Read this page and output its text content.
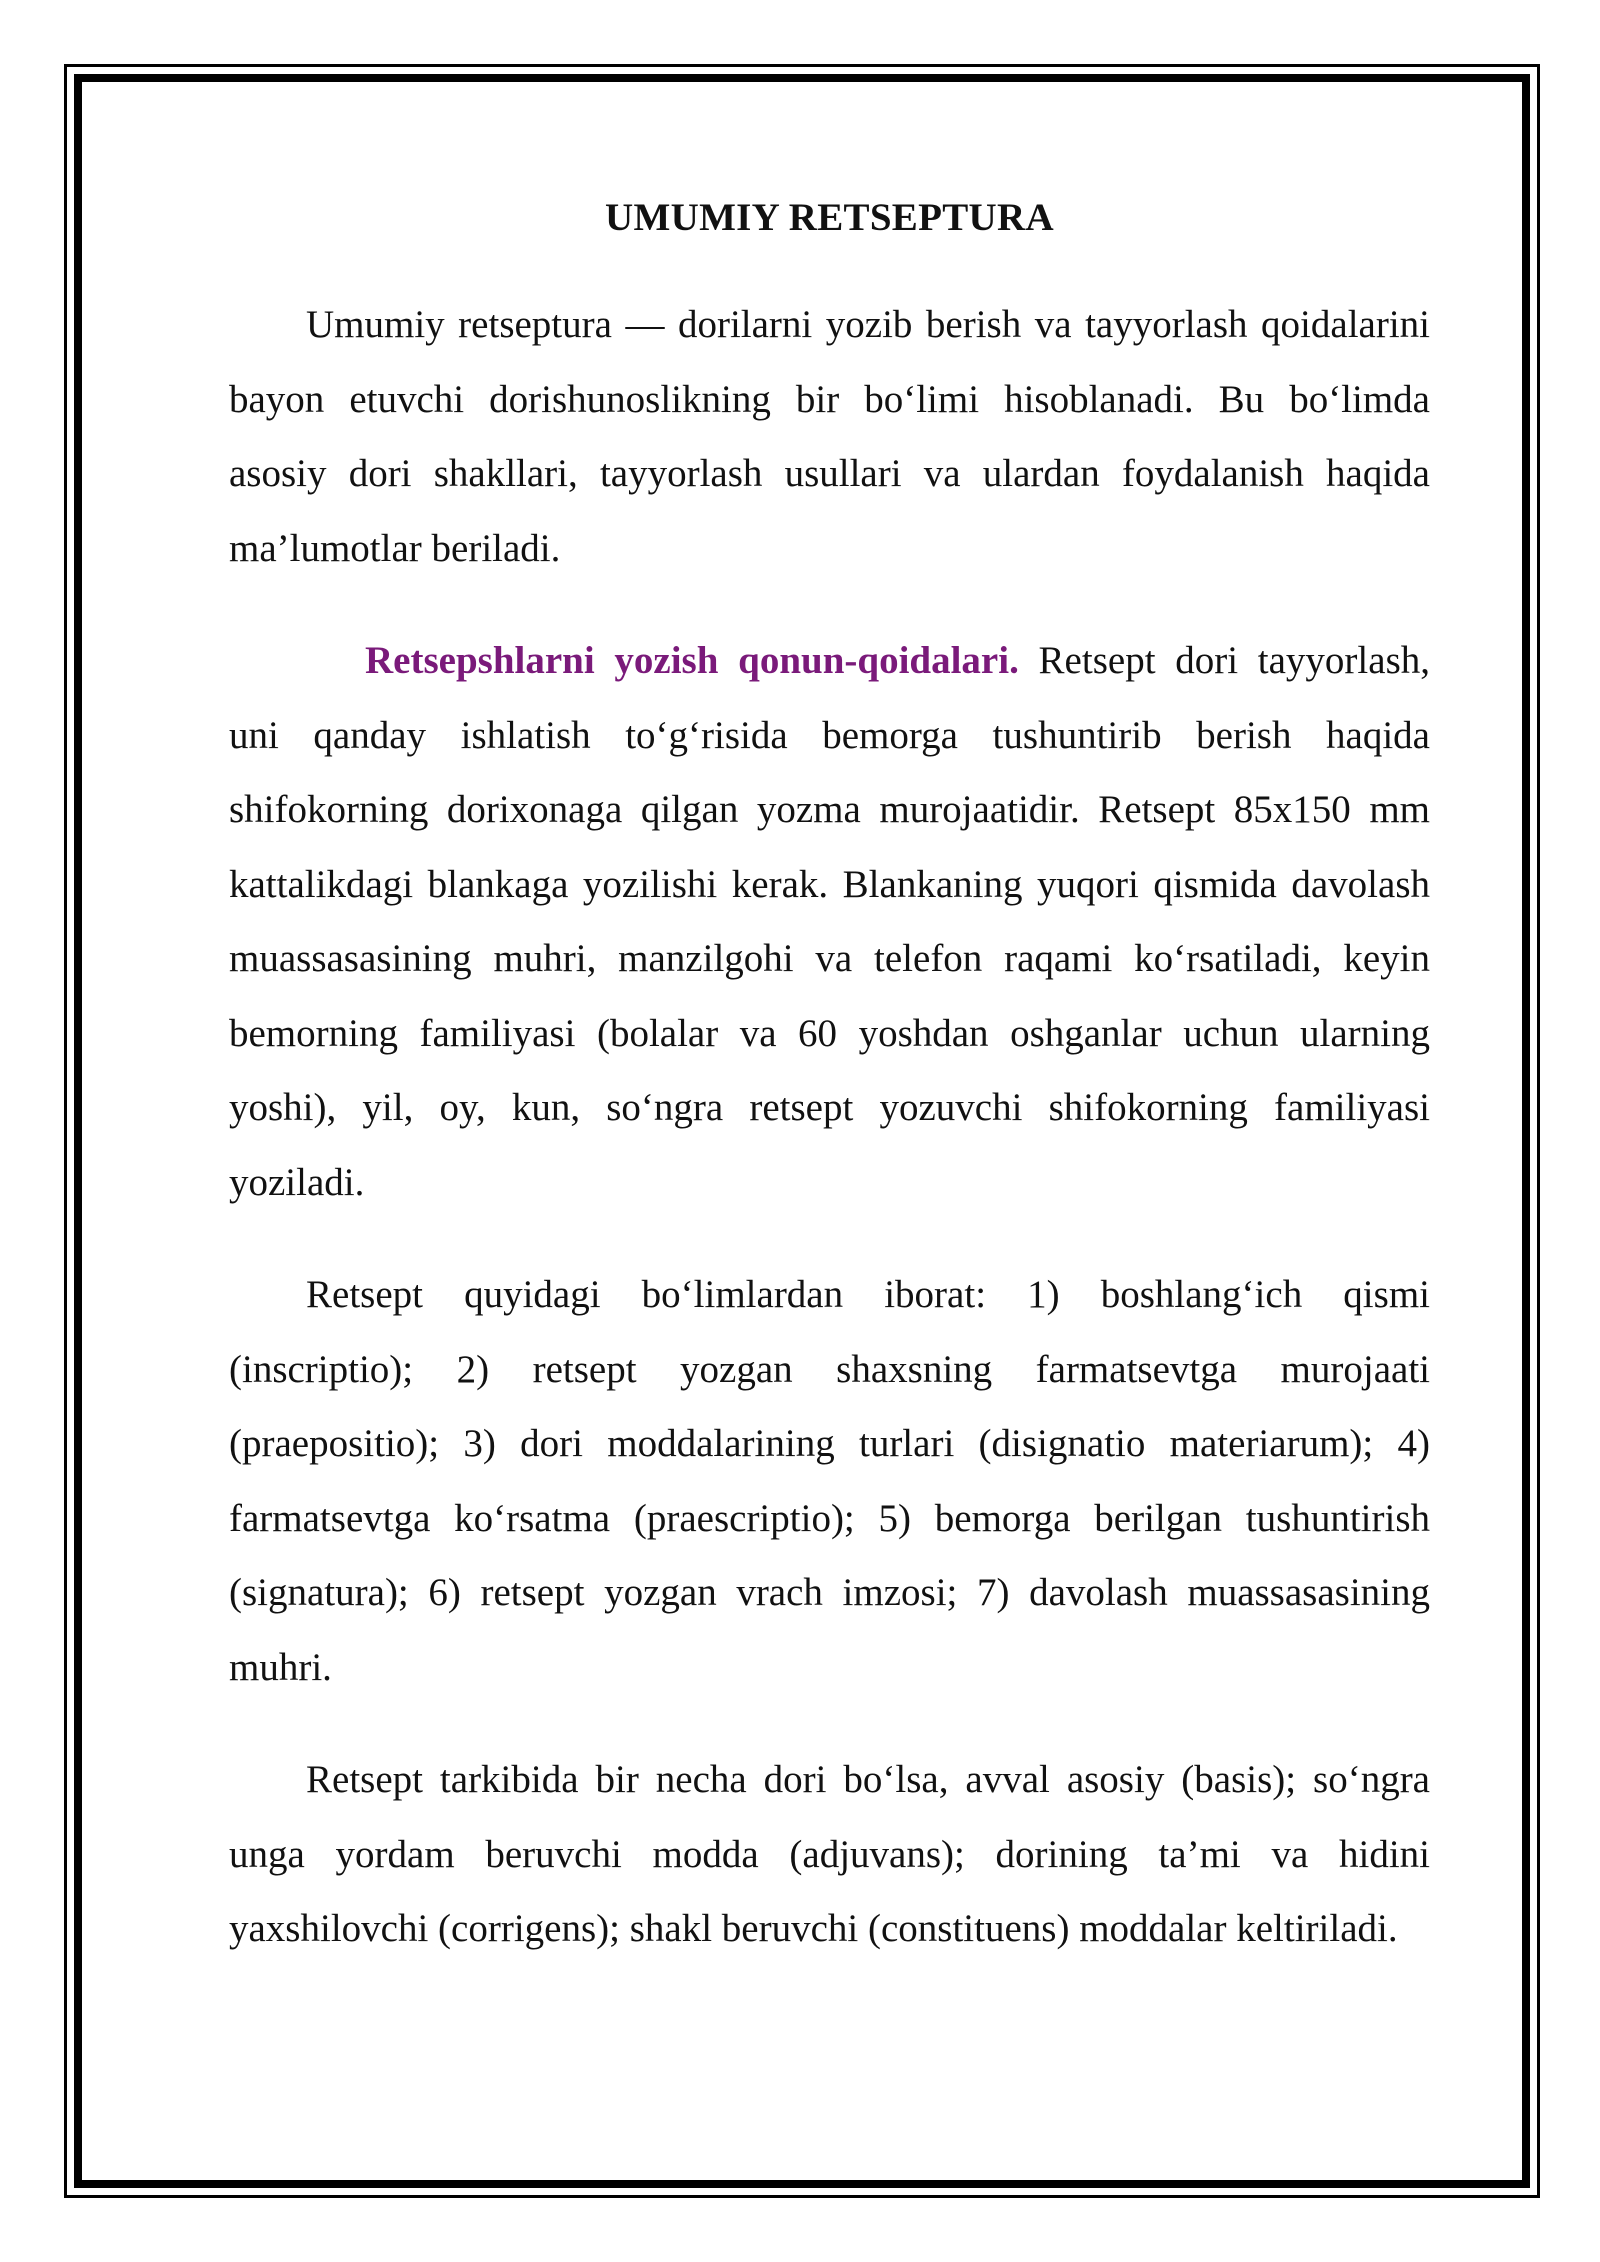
UMUMIY RETSEPTURA

Umumiy retseptura — dorilarni yozib berish va tayyorlash qoidalarini bayon etuvchi dorishunoslikning bir bo‘limi hisoblanadi. Bu bo‘limda asosiy dori shakllari, tayyorlash usullari va ulardan foydalanish haqida ma’lumotlar beriladi.

Retsepshlarni yozish qonun-qoidalari. Retsept dori tayyorlash, uni qanday ishlatish to‘g‘risida bemorga tushuntirib berish haqida shifokorning dorixonaga qilgan yozma murojaatidir. Retsept 85x150 mm kattalikdagi blankaga yozilishi kerak. Blankaning yuqori qismida davolash muassasasining muhri, manzilgohi va telefon raqami ko‘rsatiladi, keyin bemorning familiyasi (bolalar va 60 yoshdan oshganlar uchun ularning yoshi), yil, oy, kun, so‘ngra retsept yozuvchi shifokorning familiyasi yoziladi.

Retsept quyidagi bo‘limlardan iborat: 1) boshlang‘ich qismi (inscriptio); 2) retsept yozgan shaxsning farmatsevtga murojaati (praepositio); 3) dori moddalarining turlari (disignatio materiarum); 4) farmatsevtga ko‘rsatma (praescriptio); 5) bemorga berilgan tushuntirish (signatura); 6) retsept yozgan vrach imzosi; 7) davolash muassasasining muhri.

Retsept tarkibida bir necha dori bo‘lsa, avval asosiy (basis); so‘ngra unga yordam beruvchi modda (adjuvans); dorining ta’mi va hidini yaxshilovchi (corrigens); shakl beruvchi (constituens) moddalar keltiriladi.
